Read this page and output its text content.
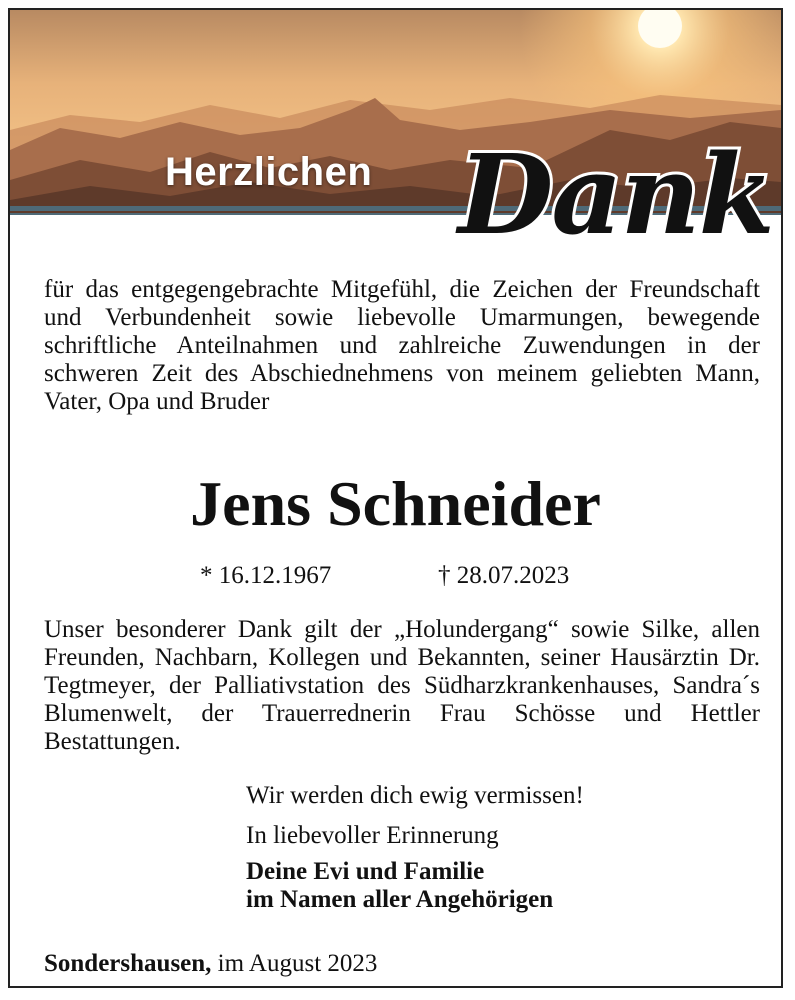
Herzlichen Dank
für das entgegengebrachte Mitgefühl, die Zeichen der Freundschaft und Verbundenheit sowie liebevolle Umarmungen, bewegende schriftliche Anteilnahmen und zahlreiche Zuwendungen in der schweren Zeit des Abschiednehmens von meinem geliebten Mann, Vater, Opa und Bruder
Jens Schneider
* 16.12.1967	† 28.07.2023
Unser besonderer Dank gilt der „Holundergang“ sowie Silke, allen Freunden, Nachbarn, Kollegen und Bekannten, seiner Hausärztin Dr. Tegtmeyer, der Palliativstation des Südharzkrankenhauses, Sandra´s Blumenwelt, der Trauerrednerin Frau Schösse und Hettler Bestattungen.
Wir werden dich ewig vermissen!
In liebevoller Erinnerung
Deine Evi und Familie
im Namen aller Angehörigen
Sondershausen, im August 2023
